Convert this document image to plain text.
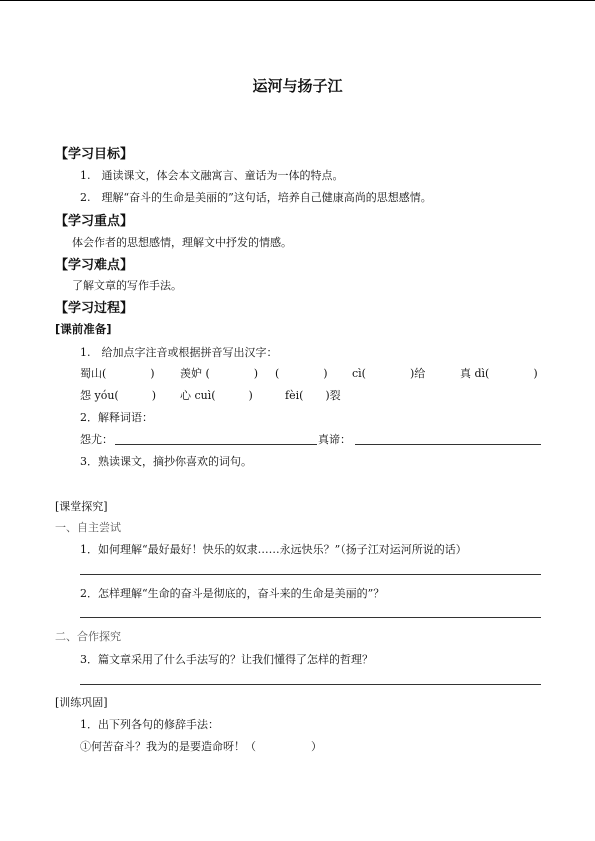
运河与扬子江
【学习目标】
1.　通读课文，体会本文融寓言、童话为一体的特点。
2.　理解“奋斗的生命是美丽的”这句话，培养自己健康高尚的思想感情。
【学习重点】
体会作者的思想感情，理解文中抒发的情感。
【学习难点】
了解文章的写作手法。
【学习过程】
[课前准备]
1.　给加点字注音或根据拼音写出汉字：
蜀山(　　　　) 羡妒 (　　　　) (　　　　) cì(　　　　)给	真 dì(　　　　)
怨 yóu(　　　) 心 cuì(　　　)	fèi(　　)裂
2．解释词语：
怨尤：	真谛：
3．熟读课文，摘抄你喜欢的词句。
[课堂探究]
一、自主尝试
1．如何理解“最好最好！快乐的奴隶……永远快乐？”（扬子江对运河所说的话）
2．怎样理解“生命的奋斗是彻底的，奋斗来的生命是美丽的”？
二、合作探究
3．篇文章采用了什么手法写的？让我们懂得了怎样的哲理？
[训练巩固]
1．出下列各句的修辞手法：
①何苦奋斗？我为的是要造命呀！（　　　　　）
